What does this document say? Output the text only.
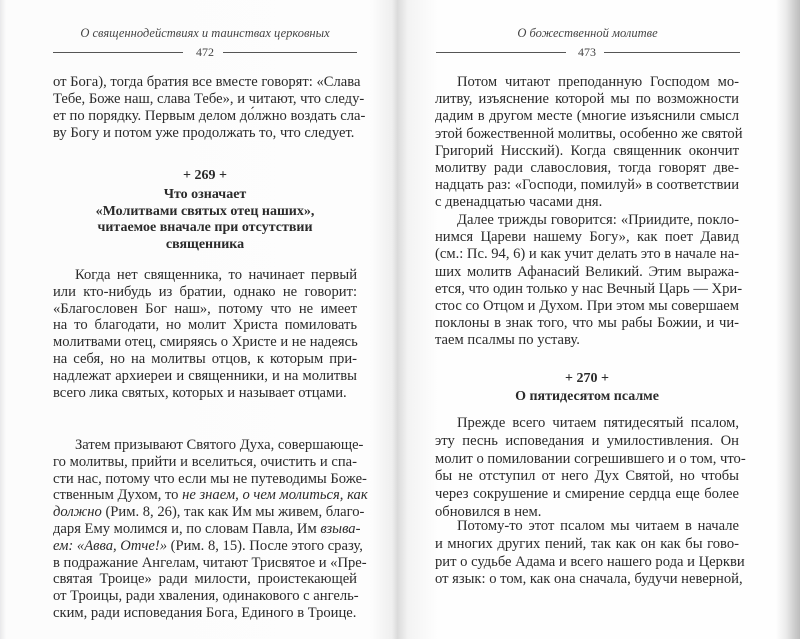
О священнодействиях и таинствах церковных
472
от Бога), тогда братия все вместе говорят: «Слава
Тебе, Боже наш, слава Тебе», и читают, что следу-
ет по порядку. Первым делом до́лжно воздать сла-
ву Богу и потом уже продолжать то, что следует.
+ 269 +
Что означает
«Молитвами святых отец наших»,
читаемое вначале при отсутствии
священника
Когда нет священника, то начинает первый
или кто-нибудь из братии, однако не говорит:
«Благословен Бог наш», потому что не имеет
на то благодати, но молит Христа помиловать
молитвами отец, смиряясь о Христе и не надеясь
на себя, но на молитвы отцов, к которым при-
надлежат архиереи и священники, и на молитвы
всего лика святых, которых и называет отцами.
Затем призывают Святого Духа, совершающе-
го молитвы, прийти и вселиться, очистить и спа-
сти нас, потому что если мы не путеводимы Боже-
ственным Духом, то не знаем, о чем молиться, как
должно (Рим. 8, 26), так как Им мы живем, благо-
даря Ему молимся и, по словам Павла, Им взыва-
ем: «Авва, Отче!» (Рим. 8, 15). После этого сразу,
в подражание Ангелам, читают Трисвятое и «Пре-
святая Троице» ради милости, проистекающей
от Троицы, ради хваления, одинакового с ангель-
ским, ради исповедания Бога, Единого в Троице.
О божественной молитве
473
Потом читают преподанную Господом мо-
литву, изъяснение которой мы по возможности
дадим в другом месте (многие изъяснили смысл
этой божественной молитвы, особенно же святой
Григорий Нисский). Когда священник окончит
молитву ради славословия, тогда говорят две-
надцать раз: «Господи, помилуй» в соответствии
с двенадцатью часами дня.
Далее трижды говорится: «Приидите, покло-
нимся Цареви нашему Богу», как поет Давид
(см.: Пс. 94, 6) и как учит делать это в начале на-
ших молитв Афанасий Великий. Этим выража-
ется, что один только у нас Вечный Царь — Хри-
стос со Отцом и Духом. При этом мы совершаем
поклоны в знак того, что мы рабы Божии, и чи-
таем псалмы по уставу.
+ 270 +
О пятидесятом псалме
Прежде всего читаем пятидесятый псалом,
эту песнь исповедания и умилостивления. Он
молит о помиловании согрешившего и о том, что-
бы не отступил от него Дух Святой, но чтобы
через сокрушение и смирение сердца еще более
обновился в нем.
Потому-то этот псалом мы читаем в начале
и многих других пений, так как он как бы гово-
рит о судьбе Адама и всего нашего рода и Церкви
от язык: о том, как она сначала, будучи неверной,
